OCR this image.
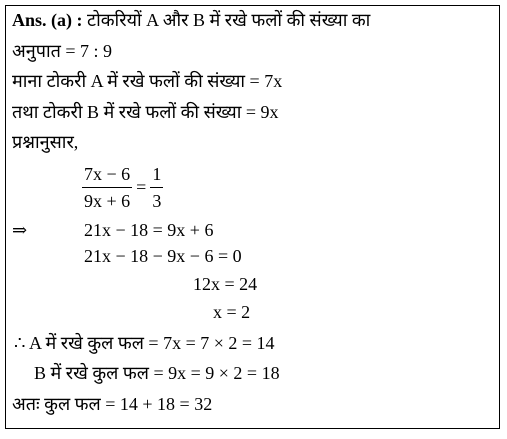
Ans. (a) : टोकरियों A और B में रखे फलों की संख्या का
अनुपात = 7 : 9
माना टोकरी A में रखे फलों की संख्या = 7x
तथा टोकरी B में रखे फलों की संख्या = 9x
प्रश्नानुसार,
$\frac{7x - 6}{9x + 6} = \frac{1}{3}$
⇒	21x − 18 = 9x + 6
21x − 18 − 9x − 6 = 0
12x = 24
x = 2
∴ A में रखे कुल फल = 7x = 7 × 2 = 14
B में रखे कुल फल = 9x = 9 × 2 = 18
अतः कुल फल = 14 + 18 = 32
